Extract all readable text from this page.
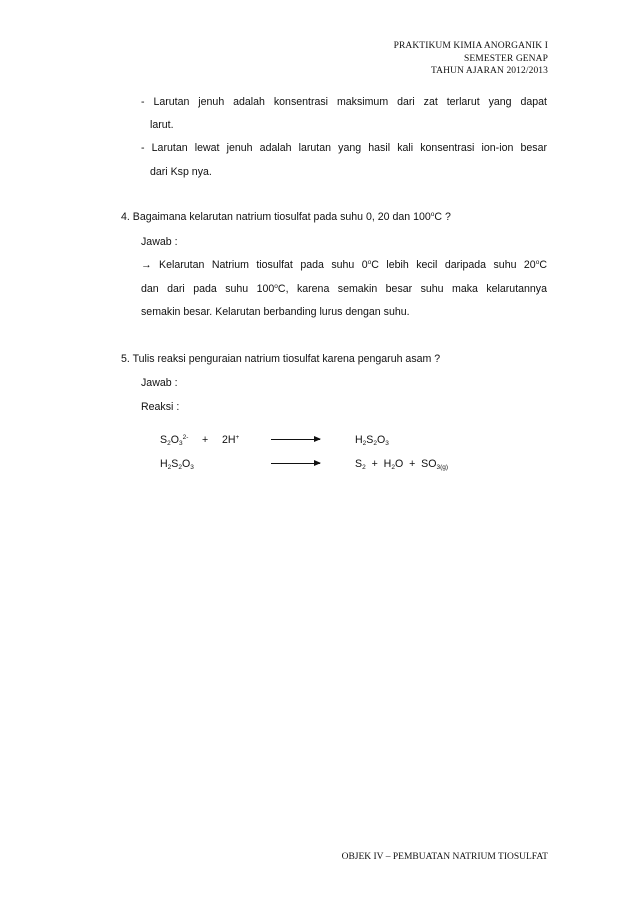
PRAKTIKUM KIMIA ANORGANIK I
SEMESTER GENAP
TAHUN AJARAN 2012/2013
- Larutan jenuh adalah konsentrasi maksimum dari zat terlarut yang dapat
larut.
- Larutan lewat jenuh adalah larutan yang hasil kali konsentrasi ion-ion besar
dari Ksp nya.
4. Bagaimana kelarutan natrium tiosulfat pada suhu 0, 20 dan 100$^o$C ?
Jawab :
→ Kelarutan Natrium tiosulfat pada suhu 0$^o$C lebih kecil daripada suhu 20$^o$C
dan dari pada suhu 100$^o$C, karena semakin besar suhu maka kelarutannya
semakin besar. Kelarutan berbanding lurus dengan suhu.
5. Tulis reaksi penguraian natrium tiosulfat karena pengaruh asam ?
Jawab :
Reaksi :
$S_2O_3^{2-} + 2H^+$	$H_2S_2O_3$
$H_2S_2O_3$	$S_2 + H_2O + SO_{3(g)}$
OBJEK IV – PEMBUATAN NATRIUM TIOSULFAT
